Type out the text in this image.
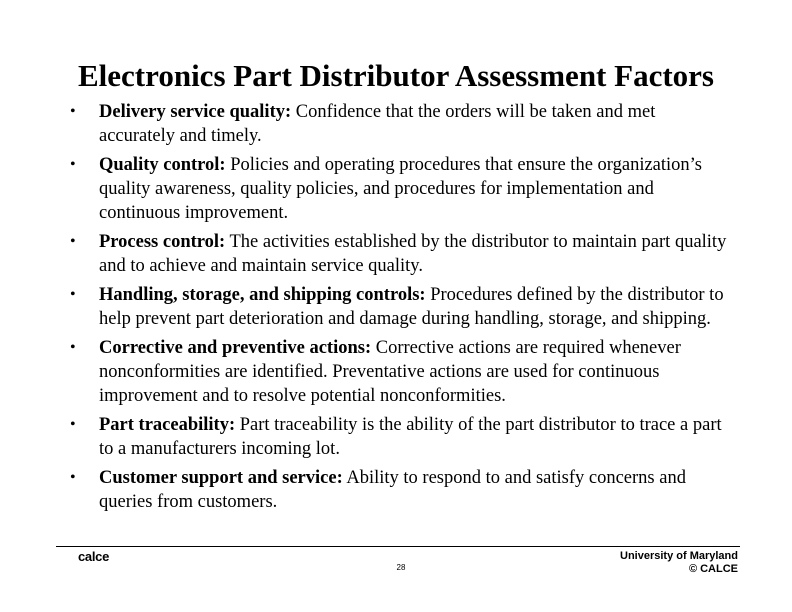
Electronics Part Distributor Assessment Factors
• Delivery service quality: Confidence that the orders will be taken and met accurately and timely.
• Quality control: Policies and operating procedures that ensure the organization’s quality awareness, quality policies, and procedures for implementation and continuous improvement.
• Process control: The activities established by the distributor to maintain part quality and to achieve and maintain service quality.
• Handling, storage, and shipping controls: Procedures defined by the distributor to help prevent part deterioration and damage during handling, storage, and shipping.
• Corrective and preventive actions: Corrective actions are required whenever nonconformities are identified. Preventative actions are used for continuous improvement and to resolve potential nonconformities.
• Part traceability: Part traceability is the ability of the part distributor to trace a part to a manufacturers incoming lot.
• Customer support and service: Ability to respond to and satisfy concerns and queries from customers.
calce
28
University of Maryland
© CALCE
